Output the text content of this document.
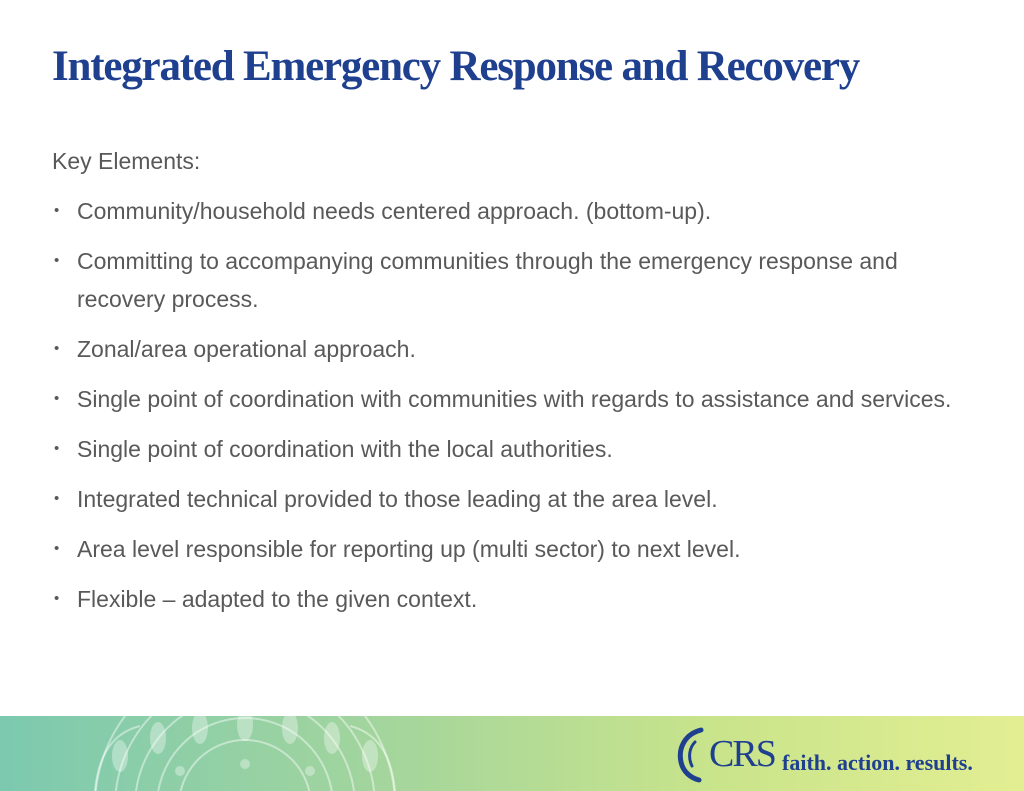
Integrated Emergency Response and Recovery

Key Elements:

• Community/household needs centered approach. (bottom-up).
• Committing to accompanying communities through the emergency response and recovery process.
• Zonal/area operational approach.
• Single point of coordination with communities with regards to assistance and services.
• Single point of coordination with the local authorities.
• Integrated technical provided to those leading at the area level.
• Area level responsible for reporting up (multi sector) to next level.
• Flexible – adapted to the given context.
CRS faith. action. results.
